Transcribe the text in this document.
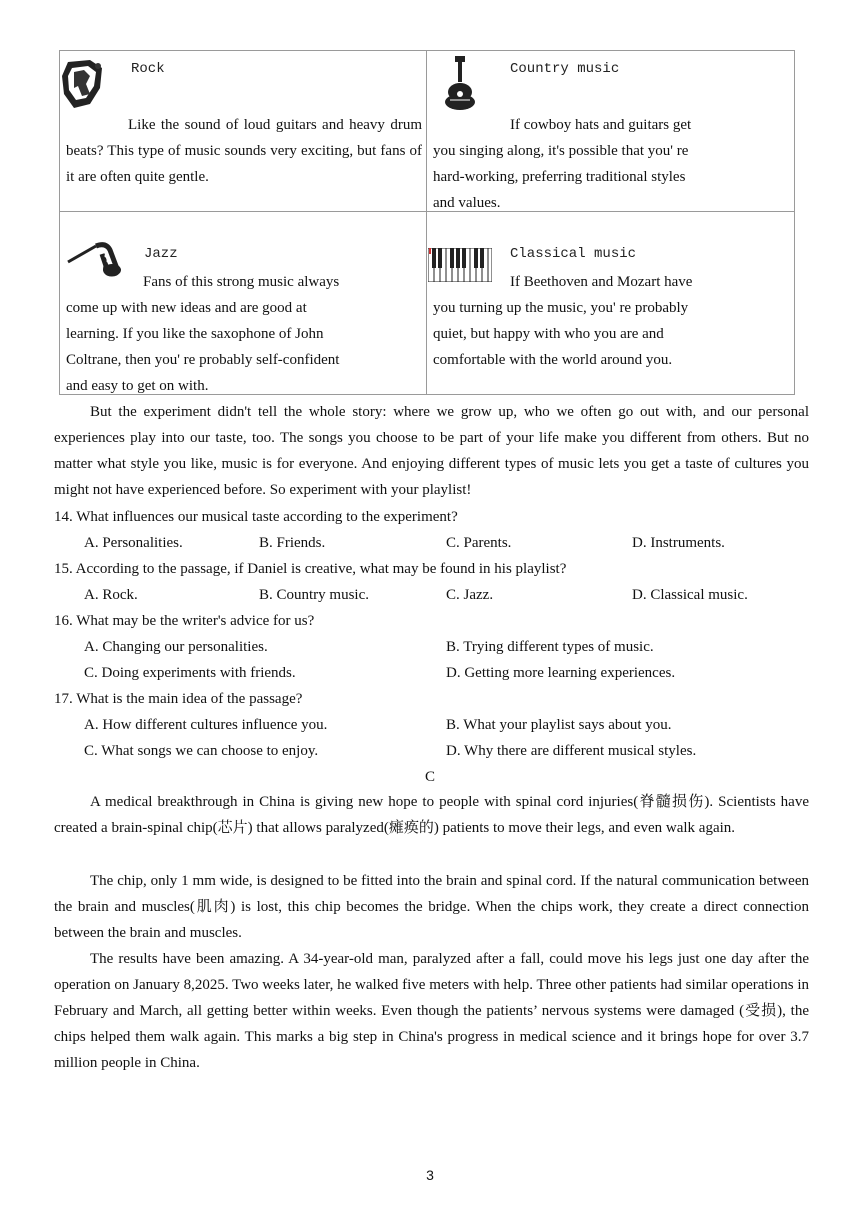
Rock
Like the sound of loud guitars and heavy drum beats? This type of music sounds very exciting, but fans of it are often quite gentle.
Country music
If cowboy hats and guitars get
you singing along, it's possible that you' re
hard-working, preferring traditional styles
and values.
Jazz
Fans of this strong music always
come up with new ideas and are good at
learning. If you like the saxophone of John
Coltrane, then you' re probably self-confident
and easy to get on with.
Classical music
If Beethoven and Mozart have
you turning up the music, you' re probably
quiet, but happy with who you are and
comfortable with the world around you.
But the experiment didn't tell the whole story: where we grow up, who we often go out with, and our personal experiences play into our taste, too. The songs you choose to be part of your life make you different from others. But no matter what style you like, music is for everyone. And enjoying different types of music lets you get a taste of cultures you might not have experienced before. So experiment with your playlist!
14. What influences our musical taste according to the experiment?
A. Personalities.	B. Friends.	C. Parents.	D. Instruments.
15. According to the passage, if Daniel is creative, what may be found in his playlist?
A. Rock.	B. Country music.	C. Jazz.	D. Classical music.
16. What may be the writer's advice for us?
A. Changing our personalities.	B. Trying different types of music.
C. Doing experiments with friends.	D. Getting more learning experiences.
17. What is the main idea of the passage?
A. How different cultures influence you.	B. What your playlist says about you.
C. What songs we can choose to enjoy.	D. Why there are different musical styles.
C
A medical breakthrough in China is giving new hope to people with spinal cord injuries(脊髓损伤). Scientists have created a brain-spinal chip(芯片) that allows paralyzed(瘫痪的) patients to move their legs, and even walk again.
The chip, only 1 mm wide, is designed to be fitted into the brain and spinal cord. If the natural communication between the brain and muscles(肌肉) is lost, this chip becomes the bridge. When the chips work, they create a direct connection between the brain and muscles.
The results have been amazing. A 34-year-old man, paralyzed after a fall, could move his legs just one day after the operation on January 8,2025. Two weeks later, he walked five meters with help. Three other patients had similar operations in February and March, all getting better within weeks. Even though the patients’ nervous systems were damaged (受损), the chips helped them walk again. This marks a big step in China's progress in medical science and it brings hope for over 3.7 million people in China.
3
